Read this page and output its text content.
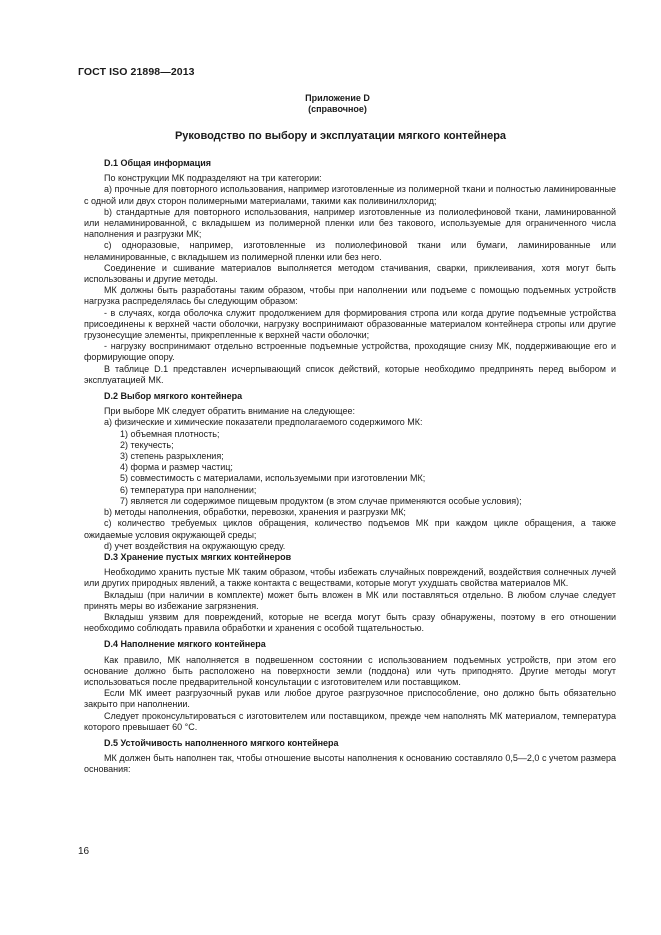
ГОСТ ISO 21898—2013
Приложение D
(справочное)
Руководство по выбору и эксплуатации мягкого контейнера
D.1 Общая информация

По конструкции МК подразделяют на три категории:

а) прочные для повторного использования, например изготовленные из полимерной ткани и полностью ламинированные с одной или двух сторон полимерными материалами, такими как поливинилхлорид;

b) стандартные для повторного использования, например изготовленные из полиолефиновой ткани, ламинированной или неламинированной, с вкладышем из полимерной пленки или без такового, используемые для ограниченного числа наполнения и разгрузки МК;

c) одноразовые, например, изготовленные из полиолефиновой ткани или бумаги, ламинированные или неламинированные, с вкладышем из полимерной пленки или без него.

Соединение и сшивание материалов выполняется методом стачивания, сварки, приклеивания, хотя могут быть использованы и другие методы.

МК должны быть разработаны таким образом, чтобы при наполнении или подъеме с помощью подъемных устройств нагрузка распределялась бы следующим образом:

- в случаях, когда оболочка служит продолжением для формирования стропа или когда другие подъемные устройства присоединены к верхней части оболочки, нагрузку воспринимают образованные материалом контейнера стропы или другие грузонесущие элементы, прикрепленные к верхней части оболочки;

- нагрузку воспринимают отдельно встроенные подъемные устройства, проходящие снизу МК, поддерживающие его и формирующие опору.

В таблице D.1 представлен исчерпывающий список действий, которые необходимо предпринять перед выбором и эксплуатацией МК.

D.2 Выбор мягкого контейнера

При выборе МК следует обратить внимание на следующее:

а) физические и химические показатели предполагаемого содержимого МК:

1) объемная плотность;

2) текучесть;

3) степень разрыхления;

4) форма и размер частиц;

5) совместимость с материалами, используемыми при изготовлении МК;

6) температура при наполнении;

7) является ли содержимое пищевым продуктом (в этом случае применяются особые условия);

b) методы наполнения, обработки, перевозки, хранения и разгрузки МК;

c) количество требуемых циклов обращения, количество подъемов МК при каждом цикле обращения, а также ожидаемые условия окружающей среды;

d) учет воздействия на окружающую среду.

D.3 Хранение пустых мягких контейнеров

Необходимо хранить пустые МК таким образом, чтобы избежать случайных повреждений, воздействия солнечных лучей или других природных явлений, а также контакта с веществами, которые могут ухудшать свойства материалов МК.

Вкладыш (при наличии в комплекте) может быть вложен в МК или поставляться отдельно. В любом случае следует принять меры во избежание загрязнения.

Вкладыш уязвим для повреждений, которые не всегда могут быть сразу обнаружены, поэтому в его отношении необходимо соблюдать правила обработки и хранения с особой тщательностью.

D.4 Наполнение мягкого контейнера

Как правило, МК наполняется в подвешенном состоянии с использованием подъемных устройств, при этом его основание должно быть расположено на поверхности земли (поддона) или чуть приподнято. Другие методы могут использоваться после предварительной консультации с изготовителем или поставщиком.

Если МК имеет разгрузочный рукав или любое другое разгрузочное приспособление, оно должно быть обязательно закрыто при наполнении.

Следует проконсультироваться с изготовителем или поставщиком, прежде чем наполнять МК материалом, температура которого превышает 60 °С.

D.5 Устойчивость наполненного мягкого контейнера

МК должен быть наполнен так, чтобы отношение высоты наполнения к основанию составляло 0,5—2,0 с учетом размера основания:

16
